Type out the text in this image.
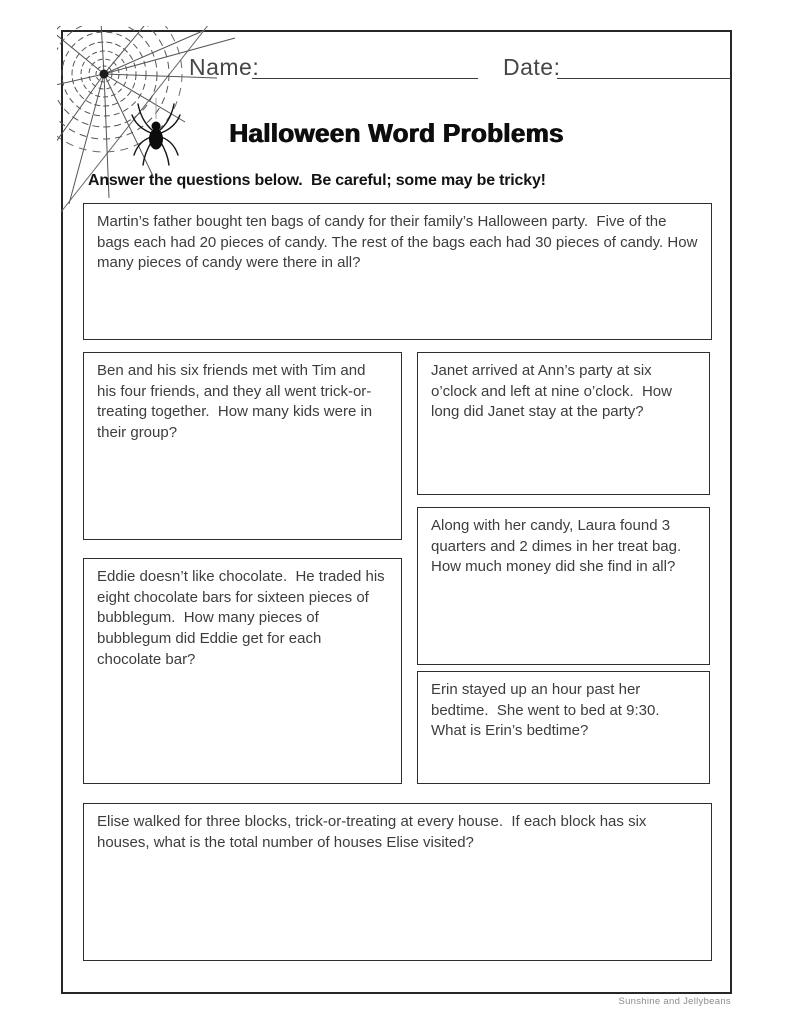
Name:	Date:
Halloween Word Problems
Answer the questions below.  Be careful; some may be tricky!

Martin’s father bought ten bags of candy for their family’s Halloween party.  Five of the bags each had 20 pieces of candy. The rest of the bags each had 30 pieces of candy. How many pieces of candy were there in all?

Ben and his six friends met with Tim and his four friends, and they all went trick-or-treating together.  How many kids were in their group?

Janet arrived at Ann’s party at six o’clock and left at nine o’clock.  How long did Janet stay at the party?

Along with her candy, Laura found 3 quarters and 2 dimes in her treat bag.  How much money did she find in all?

Eddie doesn’t like chocolate.  He traded his eight chocolate bars for sixteen pieces of bubblegum.  How many pieces of bubblegum did Eddie get for each chocolate bar?

Erin stayed up an hour past her bedtime.  She went to bed at 9:30. What is Erin’s bedtime?

Elise walked for three blocks, trick-or-treating at every house.  If each block has six houses, what is the total number of houses Elise visited?

Sunshine and Jellybeans
